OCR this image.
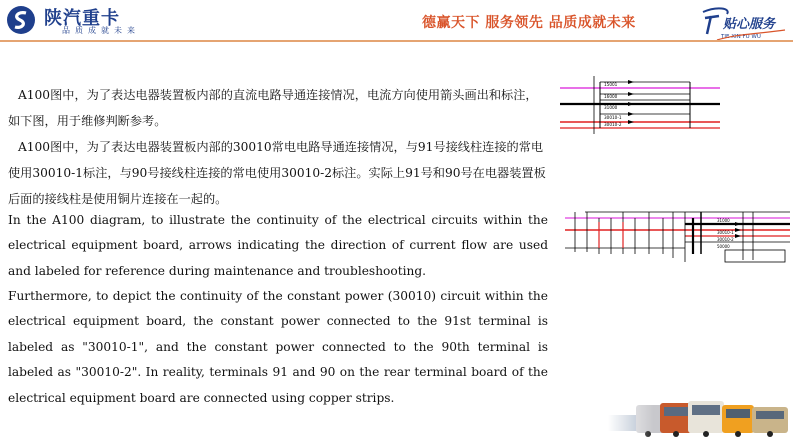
陕汽重卡
品质成就未来	德赢天下 服务领先 品质成就未来	贴心服务
TIE XIN FU WU

A100图中，为了表达电器装置板内部的直流电路导通连接情况，电流方向使用箭头画出和标注，如下图，用于维修判断参考。

A100图中，为了表达电器装置板内部的30010常电电路导通连接情况，与91号接线柱连接的常电使用30010-1标注，与90号接线柱连接的常电使用30010-2标注。实际上91号和90号在电器装置板后面的接线柱是使用铜片连接在一起的。

In the A100 diagram, to illustrate the continuity of the electrical circuits within the electrical equipment board, arrows indicating the direction of current flow are used and labeled for reference during maintenance and troubleshooting.

Furthermore, to depict the continuity of the constant power (30010) circuit within the electrical equipment board, the constant power connected to the 91st terminal is labeled as "30010-1", and the constant power connected to the 90th terminal is labeled as "30010-2". In reality, terminals 91 and 90 on the rear terminal board of the electrical equipment board are connected using copper strips.

15001
16000
31000
30010-1
30010-2
31000
30010-1
30010-2
50000
